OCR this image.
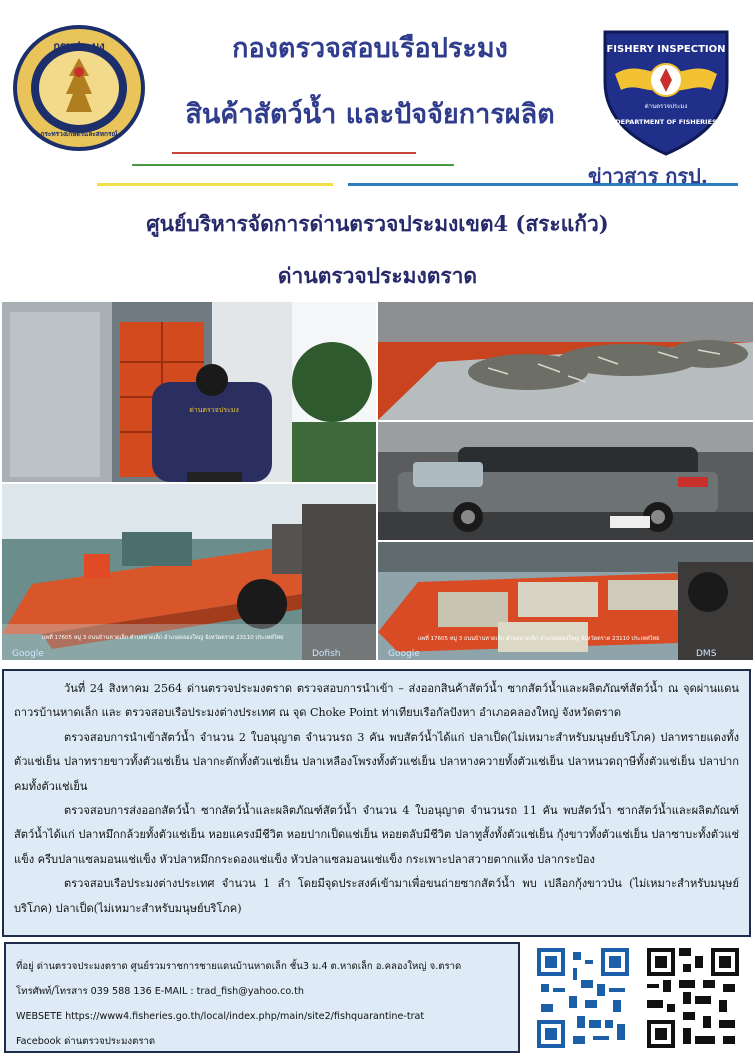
กรมประมง
กระทรวงเกษตรและสหกรณ์
กองตรวจสอบเรือประมง
สินค้าสัตว์น้ำ และปัจจัยการผลิต
FISHERY INSPECTION
ด่านตรวจประมง
DEPARTMENT OF FISHERIES
ข่าวสาร กรป.
ศูนย์บริหารจัดการด่านตรวจประมงเขต4 (สระแก้ว)
ด่านตรวจประมงตราด
ด่านตรวจประมง
แพที่ 17605 หมู่ 3 ถนนบ้านหาดเล็ก ตำบลหาดเล็ก อำเภอคลองใหญ่ จังหวัดตราด 23110 ประเทศไทย
Google	Dofish
แพที่ 17605 หมู่ 3 ถนนบ้านหาดเล็ก ตำบลหาดเล็ก อำเภอคลองใหญ่ จังหวัดตราด 23110 ประเทศไทย
Google	DMS

วันที่ 24 สิงหาคม 2564 ด่านตรวจประมงตราด ตรวจสอบการนำเข้า – ส่งออกสินค้าสัตว์น้ำ ซากสัตว์น้ำและผลิตภัณฑ์สัตว์น้ำ ณ จุดผ่านแดนถาวรบ้านหาดเล็ก และ ตรวจสอบเรือประมงต่างประเทศ ณ จุด Choke Point ท่าเทียบเรือกัลปังหา อำเภอคลองใหญ่ จังหวัดตราด

ตรวจสอบการนำเข้าสัตว์น้ำ จำนวน 2 ใบอนุญาต จำนวนรถ 3 คัน พบสัตว์น้ำได้แก่ ปลาเป็ด(ไม่เหมาะสำหรับมนุษย์บริโภค) ปลาทรายแดงทั้งตัวแช่เย็น ปลาทรายขาวทั้งตัวแช่เย็น ปลากะตักทั้งตัวแช่เย็น ปลาเหลืองโพรงทั้งตัวแช่เย็น ปลาหางควายทั้งตัวแช่เย็น ปลาหนวดฤาษีทั้งตัวแช่เย็น ปลาปากคมทั้งตัวแช่เย็น

ตรวจสอบการส่งออกสัตว์น้ำ ซากสัตว์น้ำและผลิตภัณฑ์สัตว์น้ำ จำนวน 4 ใบอนุญาต จำนวนรถ 11 คัน พบสัตว์น้ำ ซากสัตว์น้ำและผลิตภัณฑ์สัตว์น้ำได้แก่ ปลาหมึกกล้วยทั้งตัวแช่เย็น หอยแครงมีชีวิต หอยปากเป็ดแช่เย็น หอยตลับมีชีวิต ปลาทูสั้งทั้งตัวแช่เย็น กุ้งขาวทั้งตัวแช่เย็น ปลาซาบะทั้งตัวแช่แข็ง ครีบปลาแซลมอนแช่แข็ง หัวปลาหมึกกระดองแช่แข็ง หัวปลาแซลมอนแช่แข็ง กระเพาะปลาสวายตากแห้ง ปลากระป๋อง

ตรวจสอบเรือประมงต่างประเทศ จำนวน 1 ลำ โดยมีจุดประสงค์เข้ามาเพื่อขนถ่ายซากสัตว์น้ำ พบ เปลือกกุ้งขาวป่น (ไม่เหมาะสำหรับมนุษย์บริโภค) ปลาเป็ด(ไม่เหมาะสำหรับมนุษย์บริโภค)

ที่อยู่ ด่านตรวจประมงตราด ศูนย์รวมราชการชายแดนบ้านหาดเล็ก ชั้น3 ม.4 ต.หาดเล็ก อ.คลองใหญ่ จ.ตราด
โทรศัพท์/โทรสาร 039 588 136 E-MAIL : trad_fish@yahoo.co.th
WEBSETE https://www4.fisheries.go.th/local/index.php/main/site2/fishquarantine-trat
Facebook ด่านตรวจประมงตราด
